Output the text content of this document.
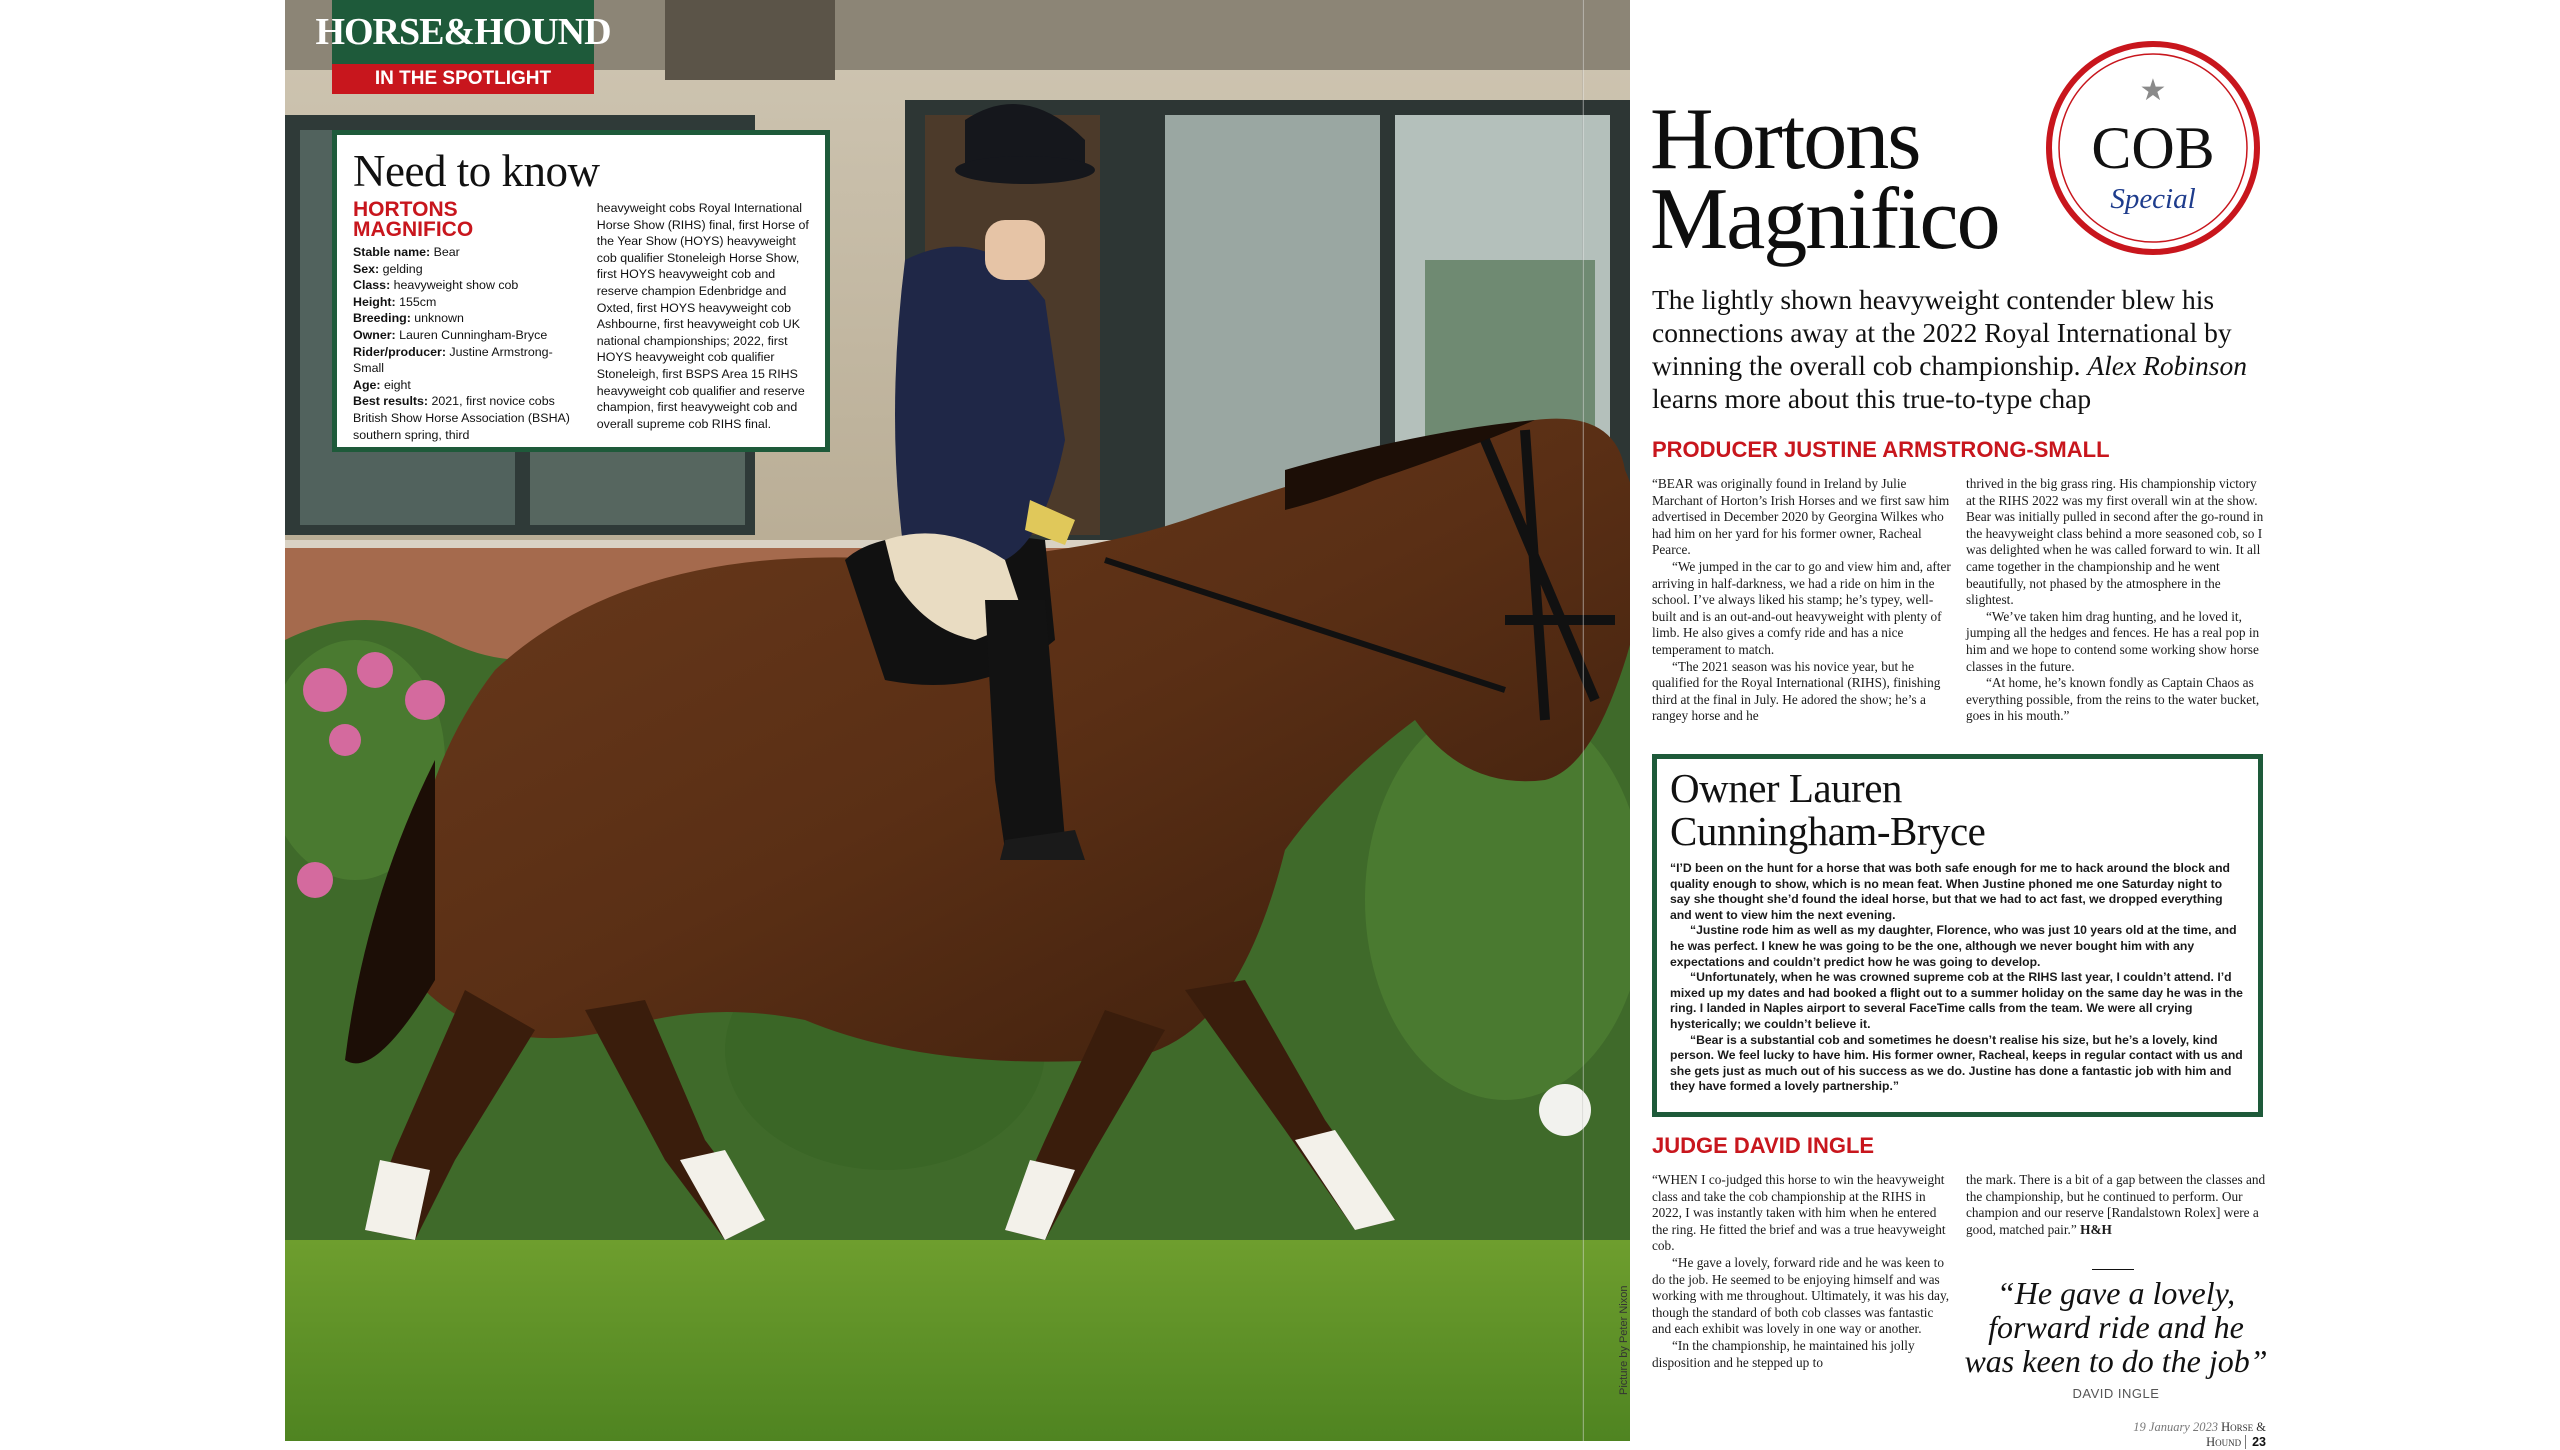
Picture by Peter Nixon
HORSE&HOUND
IN THE SPOTLIGHT
Need to know
HORTONS MAGNIFICO

Stable name: Bear

Sex: gelding

Class: heavyweight show cob

Height: 155cm

Breeding: unknown

Owner: Lauren Cunningham-Bryce

Rider/producer: Justine Armstrong-Small

Age: eight

Best results: 2021, first novice cobs British Show Horse Association (BSHA) southern spring, third

heavyweight cobs Royal International Horse Show (RIHS) final, first Horse of the Year Show (HOYS) heavyweight cob qualifier Stoneleigh Horse Show, first HOYS heavyweight cob and reserve champion Edenbridge and Oxted, first HOYS heavyweight cob Ashbourne, first heavyweight cob UK national championships; 2022, first HOYS heavyweight cob qualifier Stoneleigh, first BSPS Area 15 RIHS heavyweight cob qualifier and reserve champion, first heavyweight cob and overall supreme cob RIHS final.
Hortons
Magnifico
★
COB
Special
The lightly shown heavyweight contender blew his connections away at the 2022 Royal International by winning the overall cob championship. Alex Robinson learns more about this true-to-type chap
PRODUCER JUSTINE ARMSTRONG-SMALL

“BEAR was originally found in Ireland by Julie Marchant of Horton’s Irish Horses and we first saw him advertised in December 2020 by Georgina Wilkes who had him on her yard for his former owner, Racheal Pearce.

“We jumped in the car to go and view him and, after arriving in half-darkness, we had a ride on him in the school. I’ve always liked his stamp; he’s typey, well-built and is an out-and-out heavyweight with plenty of limb. He also gives a comfy ride and has a nice temperament to match.

“The 2021 season was his novice year, but he qualified for the Royal International (RIHS), finishing third at the final in July. He adored the show; he’s a rangey horse and he

thrived in the big grass ring. His championship victory at the RIHS 2022 was my first overall win at the show. Bear was initially pulled in second after the go-round in the heavyweight class behind a more seasoned cob, so I was delighted when he was called forward to win. It all came together in the championship and he went beautifully, not phased by the atmosphere in the slightest.

“We’ve taken him drag hunting, and he loved it, jumping all the hedges and fences. He has a real pop in him and we hope to contend some working show horse classes in the future.

“At home, he’s known fondly as Captain Chaos as everything possible, from the reins to the water bucket, goes in his mouth.”

Owner Lauren
Cunningham-Bryce

“I’D been on the hunt for a horse that was both safe enough for me to hack around the block and quality enough to show, which is no mean feat. When Justine phoned me one Saturday night to say she thought she’d found the ideal horse, but that we had to act fast, we dropped everything and went to view him the next evening.

“Justine rode him as well as my daughter, Florence, who was just 10 years old at the time, and he was perfect. I knew he was going to be the one, although we never bought him with any expectations and couldn’t predict how he was going to develop.

“Unfortunately, when he was crowned supreme cob at the RIHS last year, I couldn’t attend. I’d mixed up my dates and had booked a flight out to a summer holiday on the same day he was in the ring. I landed in Naples airport to several FaceTime calls from the team. We were all crying hysterically; we couldn’t believe it.

“Bear is a substantial cob and sometimes he doesn’t realise his size, but he’s a lovely, kind person. We feel lucky to have him. His former owner, Racheal, keeps in regular contact with us and she gets just as much out of his success as we do. Justine has done a fantastic job with him and they have formed a lovely partnership.”

JUDGE DAVID INGLE

“WHEN I co-judged this horse to win the heavyweight class and take the cob championship at the RIHS in 2022, I was instantly taken with him when he entered the ring. He fitted the brief and was a true heavyweight cob.

“He gave a lovely, forward ride and he was keen to do the job. He seemed to be enjoying himself and was working with me throughout. Ultimately, it was his day, though the standard of both cob classes was fantastic and each exhibit was lovely in one way or another.

“In the championship, he maintained his jolly disposition and he stepped up to

the mark. There is a bit of a gap between the classes and the championship, but he continued to perform. Our champion and our reserve [Randalstown Rolex] were a good, matched pair.” H&H

“He gave a lovely, forward ride and he was keen to do the job”
DAVID INGLE
19 January 2023 Horse & Hound 23
